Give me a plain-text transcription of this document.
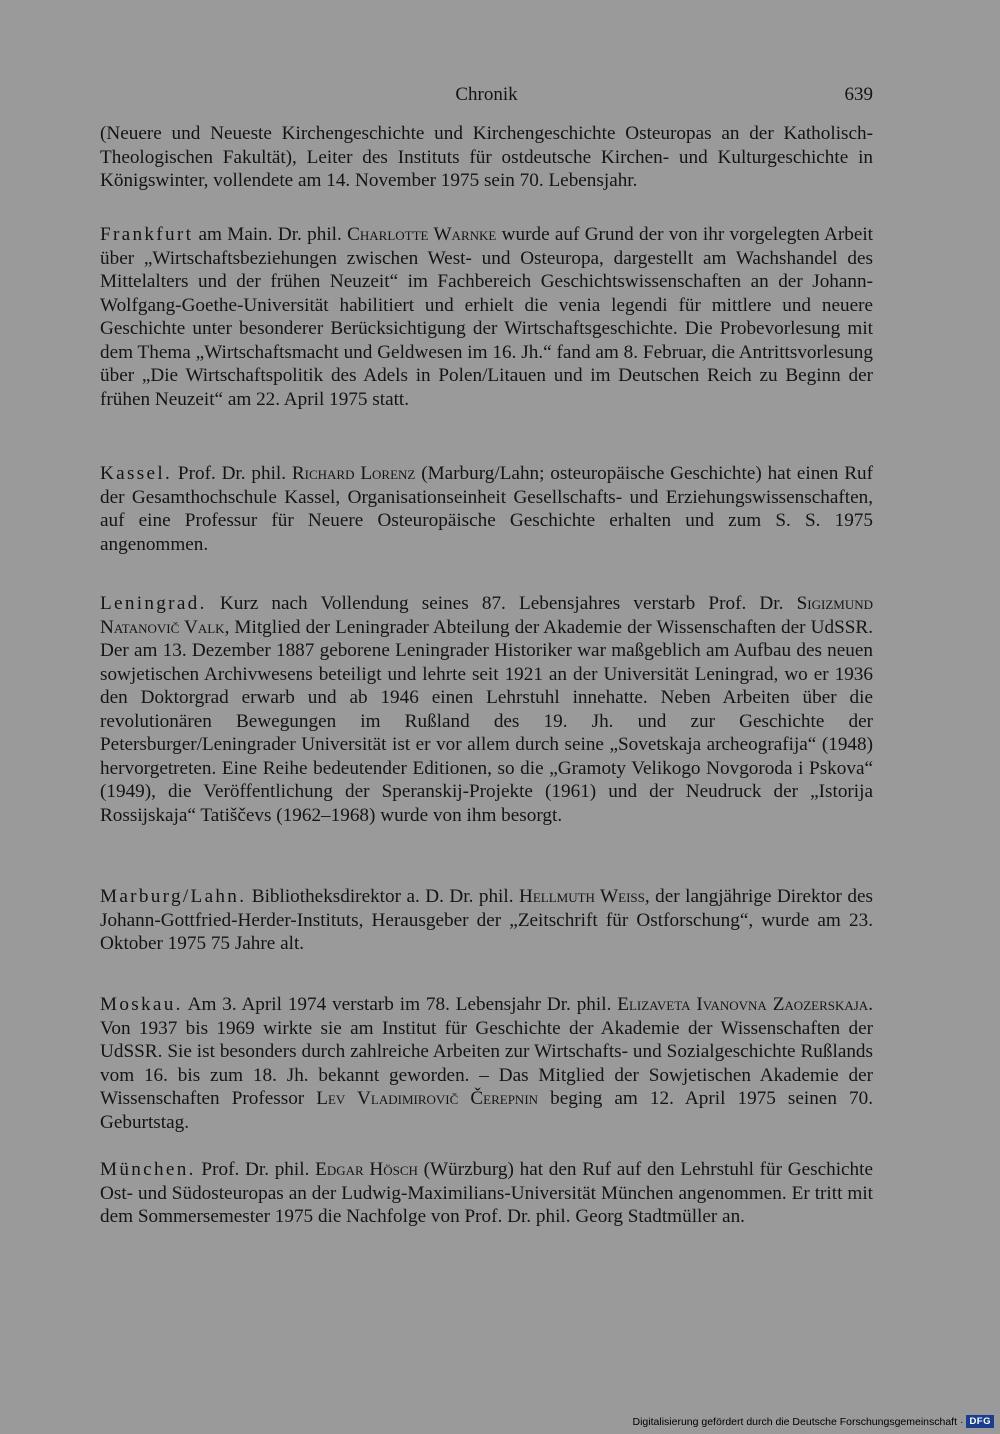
Chronik	639

(Neuere und Neueste Kirchengeschichte und Kirchengeschichte Osteuropas an der Katholisch-Theologischen Fakultät), Leiter des Instituts für ostdeutsche Kirchen- und Kulturgeschichte in Königswinter, vollendete am 14. November 1975 sein 70. Lebensjahr.

Frankfurt am Main. Dr. phil. Charlotte Warnke wurde auf Grund der von ihr vorgelegten Arbeit über „Wirtschaftsbeziehungen zwischen West- und Osteuropa, dargestellt am Wachshandel des Mittelalters und der frühen Neuzeit“ im Fachbereich Geschichtswissenschaften an der Johann-Wolfgang-Goethe-Universität habilitiert und erhielt die venia legendi für mittlere und neuere Geschichte unter besonderer Berücksichtigung der Wirtschaftsgeschichte. Die Probevorlesung mit dem Thema „Wirtschaftsmacht und Geldwesen im 16. Jh.“ fand am 8. Februar, die Antrittsvorlesung über „Die Wirtschaftspolitik des Adels in Polen/Litauen und im Deutschen Reich zu Beginn der frühen Neuzeit“ am 22. April 1975 statt.

Kassel. Prof. Dr. phil. Richard Lorenz (Marburg/Lahn; osteuropäische Geschichte) hat einen Ruf der Gesamthochschule Kassel, Organisationseinheit Gesellschafts- und Erziehungswissenschaften, auf eine Professur für Neuere Osteuropäische Geschichte erhalten und zum S. S. 1975 angenommen.

Leningrad. Kurz nach Vollendung seines 87. Lebensjahres verstarb Prof. Dr. Sigizmund Natanovič Valk, Mitglied der Leningrader Abteilung der Akademie der Wissenschaften der UdSSR. Der am 13. Dezember 1887 geborene Leningrader Historiker war maßgeblich am Aufbau des neuen sowjetischen Archivwesens beteiligt und lehrte seit 1921 an der Universität Leningrad, wo er 1936 den Doktorgrad erwarb und ab 1946 einen Lehrstuhl innehatte. Neben Arbeiten über die revolutionären Bewegungen im Rußland des 19. Jh. und zur Geschichte der Petersburger/Leningrader Universität ist er vor allem durch seine „Sovetskaja archeografija“ (1948) hervorgetreten. Eine Reihe bedeutender Editionen, so die „Gramoty Velikogo Novgoroda i Pskova“ (1949), die Veröffentlichung der Speranskij-Projekte (1961) und der Neudruck der „Istorija Rossijskaja“ Tatiščevs (1962–1968) wurde von ihm besorgt.

Marburg/Lahn. Bibliotheksdirektor a. D. Dr. phil. Hellmuth Weiss, der langjährige Direktor des Johann-Gottfried-Herder-Instituts, Herausgeber der „Zeitschrift für Ostforschung“, wurde am 23. Oktober 1975 75 Jahre alt.

Moskau. Am 3. April 1974 verstarb im 78. Lebensjahr Dr. phil. Elizaveta Ivanovna Zaozerskaja. Von 1937 bis 1969 wirkte sie am Institut für Geschichte der Akademie der Wissenschaften der UdSSR. Sie ist besonders durch zahlreiche Arbeiten zur Wirtschafts- und Sozialgeschichte Rußlands vom 16. bis zum 18. Jh. bekannt geworden. – Das Mitglied der Sowjetischen Akademie der Wissenschaften Professor Lev Vladimirovič Čerepnin beging am 12. April 1975 seinen 70. Geburtstag.

München. Prof. Dr. phil. Edgar Hösch (Würzburg) hat den Ruf auf den Lehrstuhl für Geschichte Ost- und Südosteuropas an der Ludwig-Maximilians-Universität München angenommen. Er tritt mit dem Sommersemester 1975 die Nachfolge von Prof. Dr. phil. Georg Stadtmüller an.

Digitalisierung gefördert durch die Deutsche Forschungsgemeinschaft · DFG
